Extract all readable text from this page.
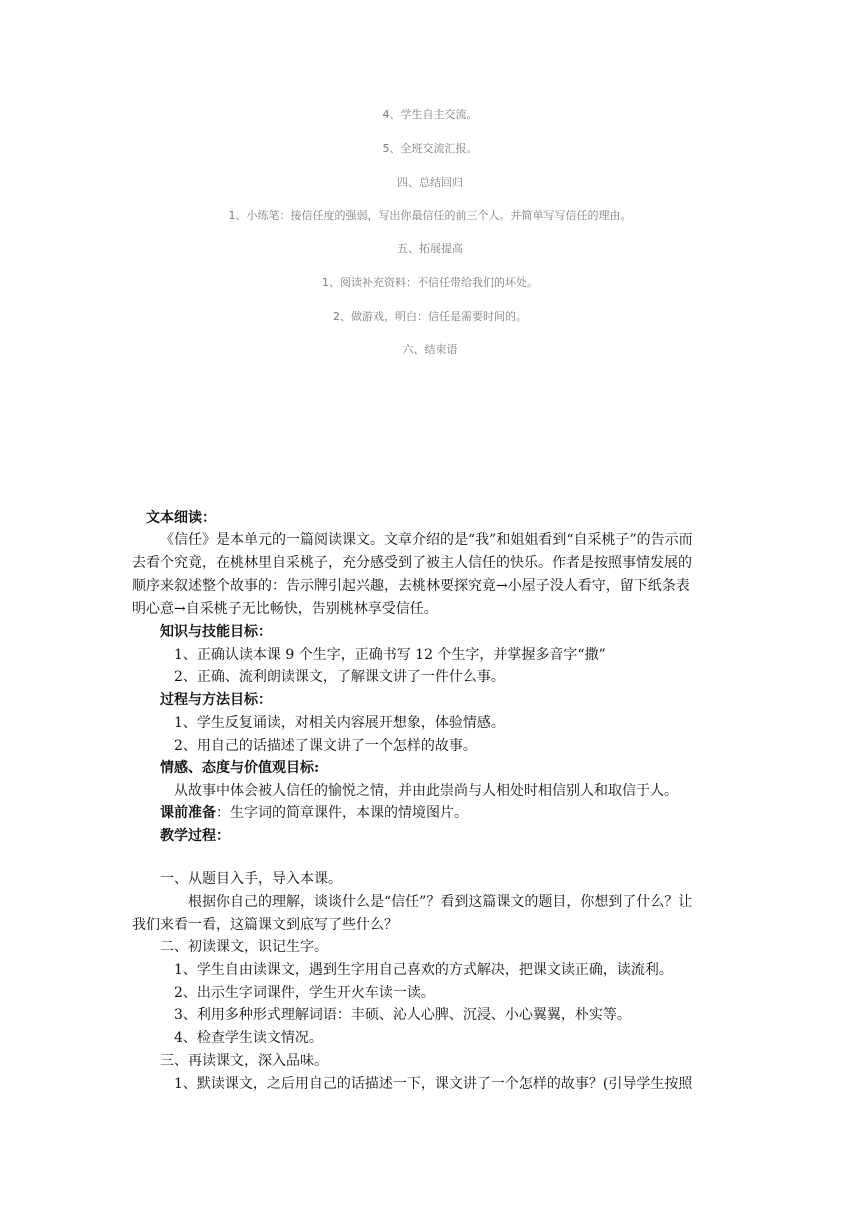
4、学生自主交流。
5、全班交流汇报。
四、总结回归
1、小练笔：接信任度的强弱，写出你最信任的前三个人。并简单写写信任的理由。
五、拓展提高
1、阅读补充资料：不信任带给我们的坏处。
2、做游戏，明白：信任是需要时间的。
六、结束语
文本细读：
《信任》是本单元的一篇阅读课文。文章介绍的是“我”和姐姐看到“自采桃子”的告示而
去看个究竟，在桃林里自采桃子，充分感受到了被主人信任的快乐。作者是按照事情发展的
顺序来叙述整个故事的：告示牌引起兴趣，去桃林要探究竟→小屋子没人看守，留下纸条表
明心意→自采桃子无比畅快，告别桃林享受信任。
知识与技能目标：
1、正确认读本课 9 个生字，正确书写 12 个生字，并掌握多音字“撒”
2、正确、流利朗读课文，了解课文讲了一件什么事。
过程与方法目标：
1、学生反复诵读，对相关内容展开想象，体验情感。
2、用自己的话描述了课文讲了一个怎样的故事。
情感、态度与价值观目标:
从故事中体会被人信任的愉悦之情，并由此崇尚与人相处时相信别人和取信于人。
课前准备：生字词的简章课件，本课的情境图片。
教学过程：
一、从题目入手，导入本课。
根据你自己的理解，谈谈什么是“信任”？看到这篇课文的题目，你想到了什么？让
我们来看一看，这篇课文到底写了些什么？
二、初读课文，识记生字。
1、学生自由读课文，遇到生字用自己喜欢的方式解决，把课文读正确，读流利。
2、出示生字词课件，学生开火车读一读。
3、利用多种形式理解词语：丰硕、沁人心脾、沉浸、小心翼翼，朴实等。
4、检查学生读文情况。
三、再读课文，深入品味。
1、默读课文，之后用自己的话描述一下，课文讲了一个怎样的故事？(引导学生按照
